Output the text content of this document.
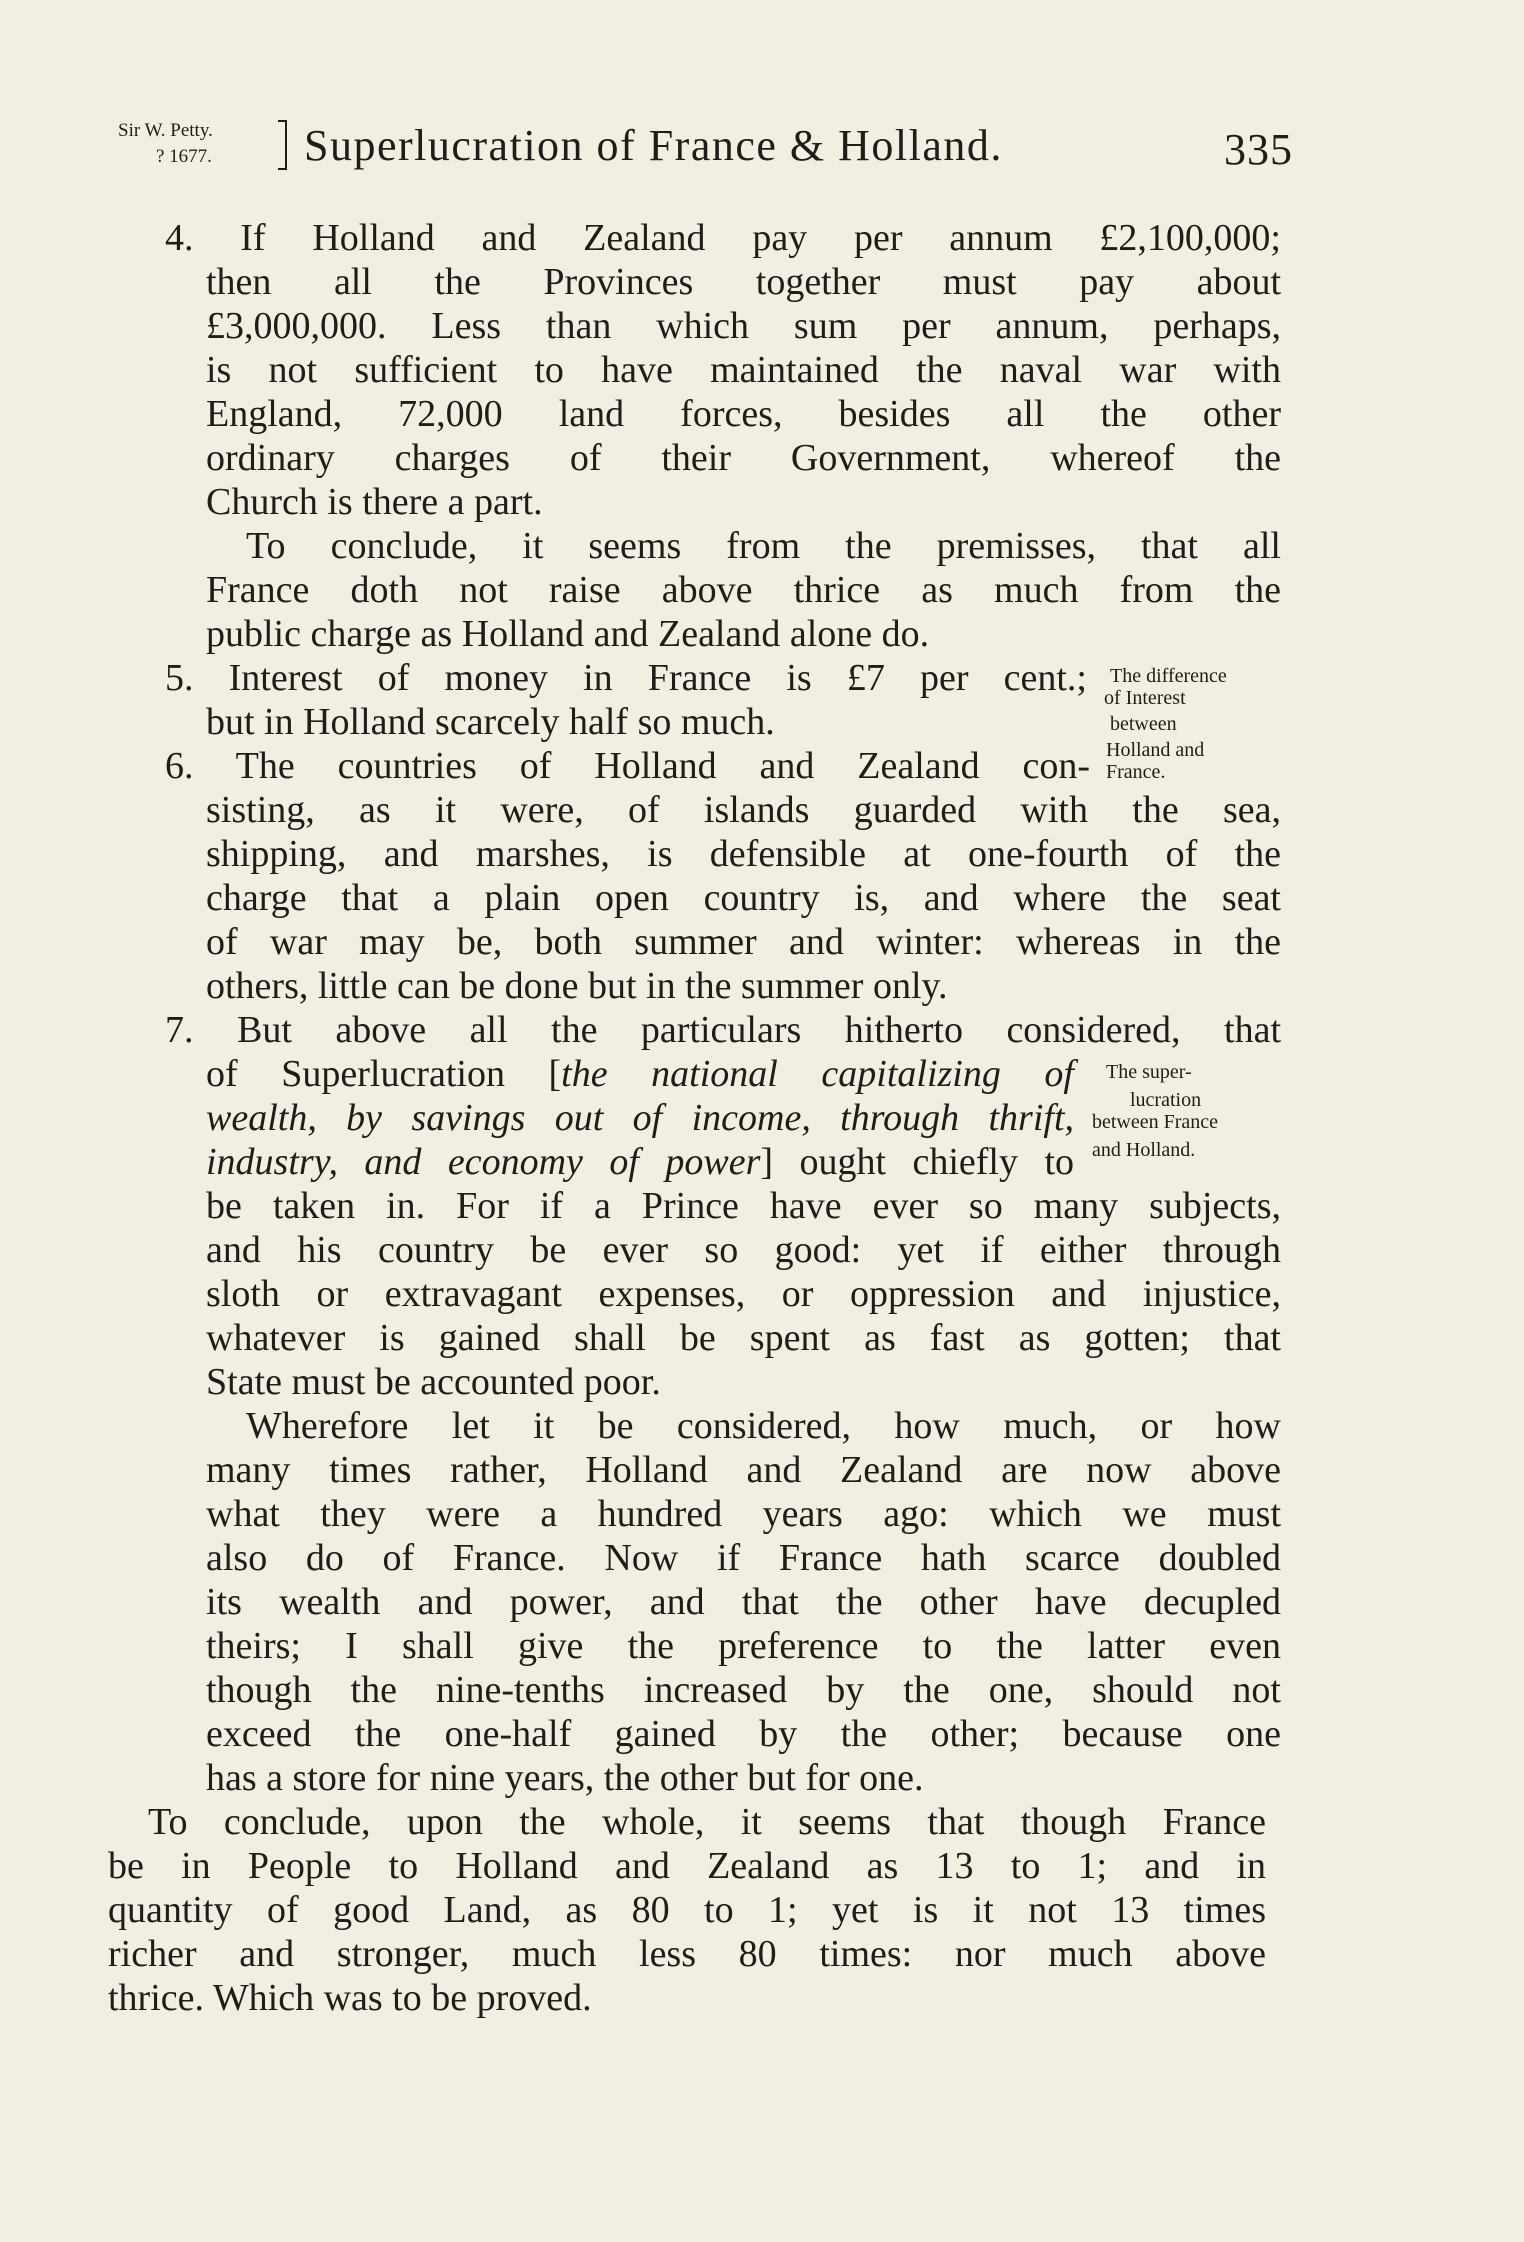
Sir W. Petty.
? 1677. Superlucration of France & Holland.	335
4. If Holland and Zealand pay per annum £2,100,000;
then all the Provinces together must pay about
£3,000,000. Less than which sum per annum, perhaps,
is not sufficient to have maintained the naval war with
England, 72,000 land forces, besides all the other
ordinary charges of their Government, whereof the
Church is there a part.
To conclude, it seems from the premisses, that all
France doth not raise above thrice as much from the
public charge as Holland and Zealand alone do.
5. Interest of money in France is £7 per cent.;
but in Holland scarcely half so much.
The difference
of Interest
between
Holland and
France.
6. The countries of Holland and Zealand con-
sisting, as it were, of islands guarded with the sea,
shipping, and marshes, is defensible at one-fourth of the
charge that a plain open country is, and where the seat
of war may be, both summer and winter: whereas in the
others, little can be done but in the summer only.
7. But above all the particulars hitherto considered, that
of Superlucration [the national capitalizing of
wealth, by savings out of income, through thrift,
industry, and economy of power] ought chiefly to
The super-
lucration
between France
and Holland.
be taken in. For if a Prince have ever so many subjects,
and his country be ever so good: yet if either through
sloth or extravagant expenses, or oppression and injustice,
whatever is gained shall be spent as fast as gotten; that
State must be accounted poor.
Wherefore let it be considered, how much, or how
many times rather, Holland and Zealand are now above
what they were a hundred years ago: which we must
also do of France. Now if France hath scarce doubled
its wealth and power, and that the other have decupled
theirs; I shall give the preference to the latter even
though the nine-tenths increased by the one, should not
exceed the one-half gained by the other; because one
has a store for nine years, the other but for one.
To conclude, upon the whole, it seems that though France
be in People to Holland and Zealand as 13 to 1; and in
quantity of good Land, as 80 to 1; yet is it not 13 times
richer and stronger, much less 80 times: nor much above
thrice. Which was to be proved.
